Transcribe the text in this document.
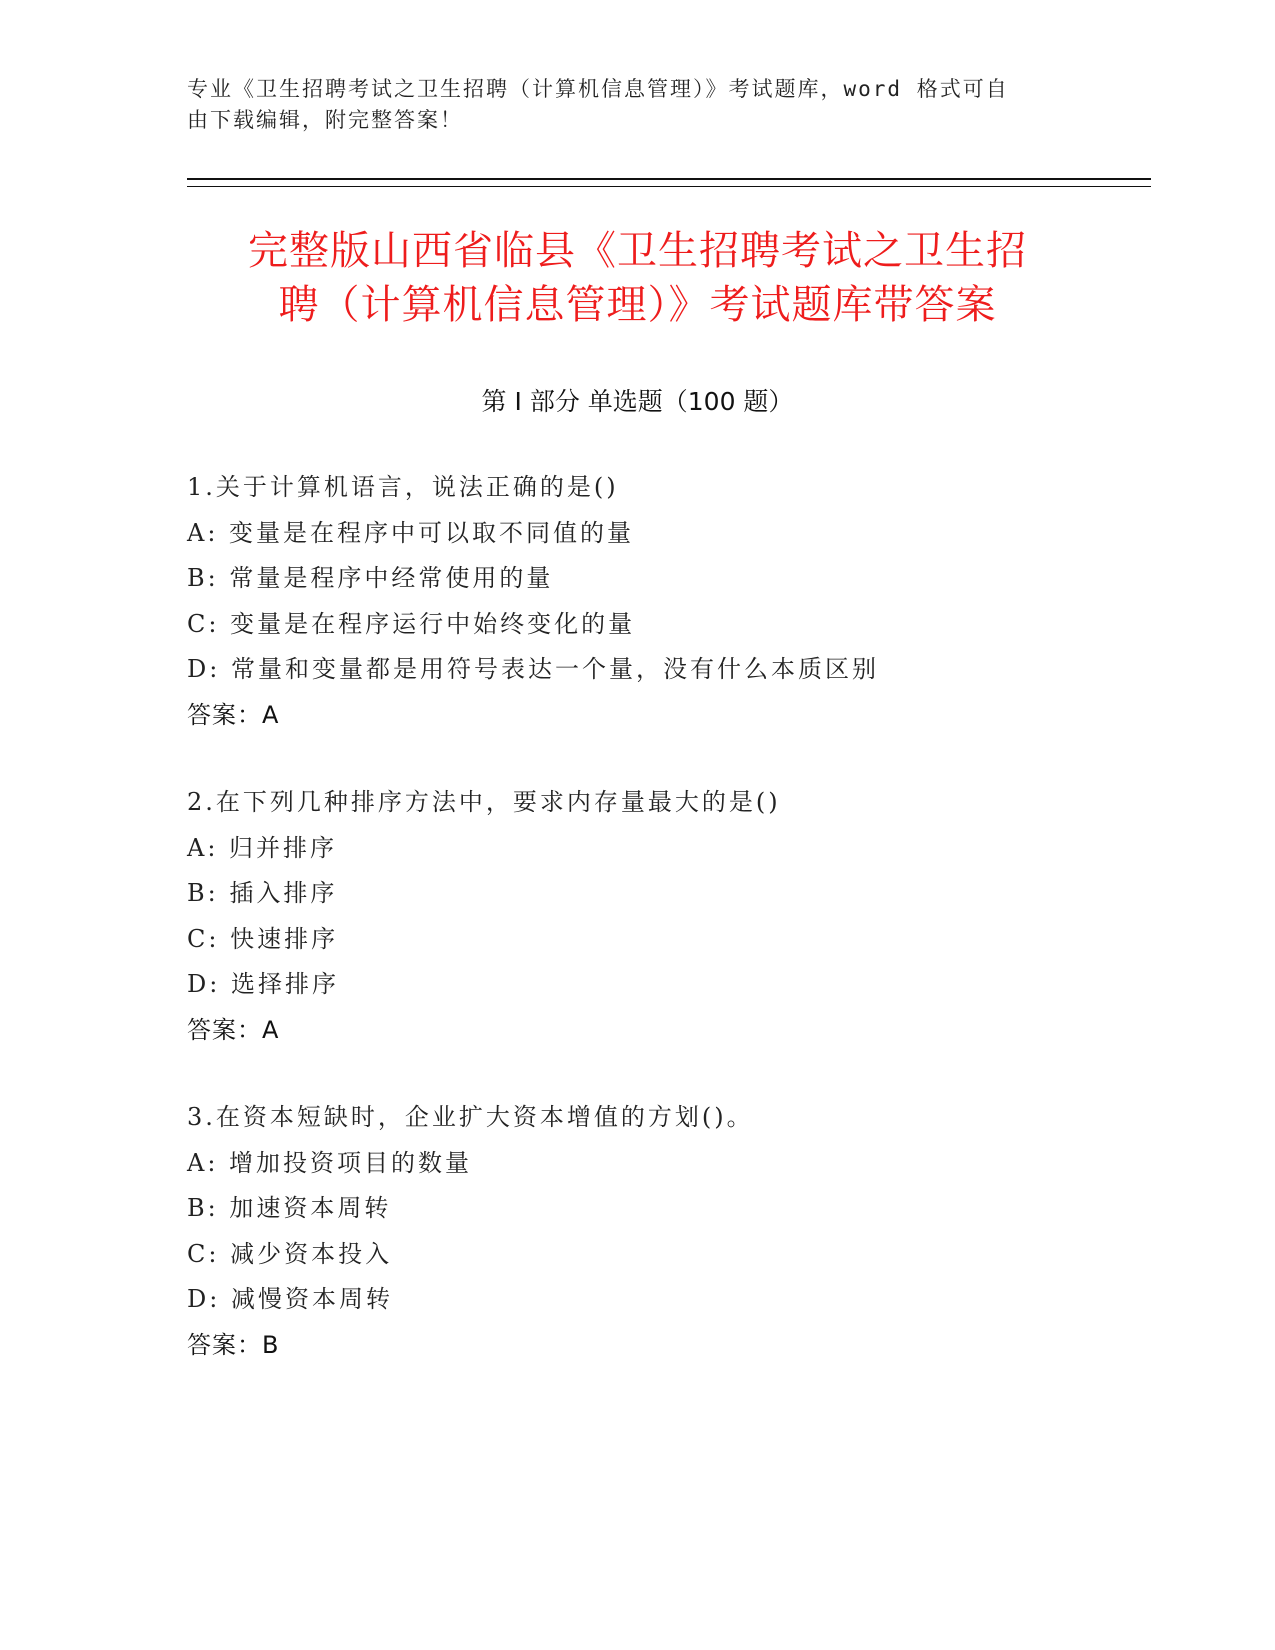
专业《卫生招聘考试之卫生招聘（计算机信息管理）》考试题库，word 格式可自
由下载编辑，附完整答案！
完整版山西省临县《卫生招聘考试之卫生招
聘（计算机信息管理）》考试题库带答案
第 I 部分 单选题（100 题）
1.关于计算机语言，说法正确的是()
A: 变量是在程序中可以取不同值的量
B: 常量是程序中经常使用的量
C: 变量是在程序运行中始终变化的量
D: 常量和变量都是用符号表达一个量，没有什么本质区别
答案：A
2.在下列几种排序方法中，要求内存量最大的是()
A: 归并排序
B: 插入排序
C: 快速排序
D: 选择排序
答案：A
3.在资本短缺时，企业扩大资本增值的方划()。
A: 增加投资项目的数量
B: 加速资本周转
C: 减少资本投入
D: 减慢资本周转
答案：B
